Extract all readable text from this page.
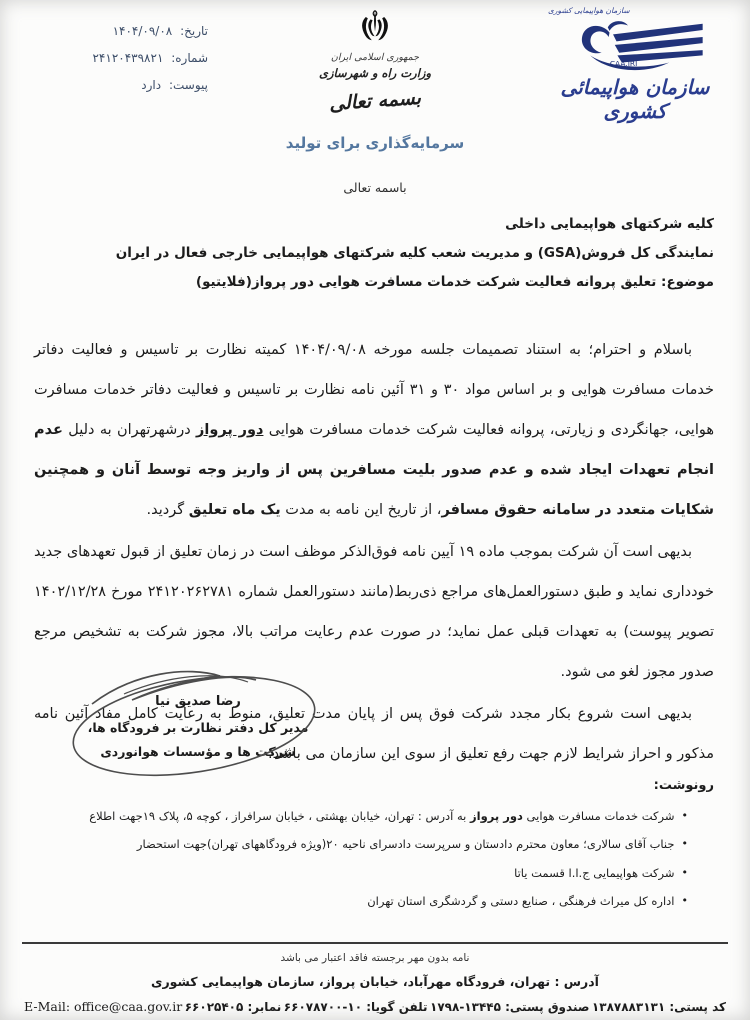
تاریخ: ۱۴۰۴/۰۹/۰۸
شماره: ۲۴۱۲۰۴۳۹۸۲۱
پیوست: دارد
جمهوری اسلامی ایران
وزارت راه و شهرسازی
بسمه تعالی
سازمان هواپیمایی کشوری
CAA.IRI
سازمان هواپیمائی کشوری
سرمایه‌گذاری برای تولید
باسمه تعالی
کلیه شرکتهای هواپیمایی داخلی
نمایندگی کل فروش(GSA) و مدیریت شعب کلیه شرکتهای هواپیمایی خارجی فعال در ایران
موضوع: تعلیق پروانه فعالیت شرکت خدمات مسافرت هوایی دور پرواز(فلایتیو)

باسلام و احترام؛ به استناد تصمیمات جلسه مورخه ۱۴۰۴/۰۹/۰۸ کمیته نظارت بر تاسیس و فعالیت دفاتر خدمات مسافرت هوایی و بر اساس مواد ۳۰ و ۳۱ آئین نامه نظارت بر تاسیس و فعالیت دفاتر خدمات مسافرت هوایی، جهانگردی و زیارتی، پروانه فعالیت شرکت خدمات مسافرت هوایی دور پرواز درشهرتهران به دلیل عدم انجام تعهدات ایجاد شده و عدم صدور بلیت مسافرین پس از واریز وجه توسط آنان و همچنین شکایات متعدد در سامانه حقوق مسافر، از تاریخ این نامه به مدت یک ماه تعلیق گردید.

بدیهی است آن شرکت بموجب ماده ۱۹ آیین نامه فوق‌الذکر موظف است در زمان تعلیق از قبول تعهدهای جدید خودداری نماید و طبق دستورالعمل‌های مراجع ذی‌ربط(مانند دستورالعمل شماره ۲۴۱۲۰۲۶۲۷۸۱ مورخ ۱۴۰۲/۱۲/۲۸ تصویر پیوست) به تعهدات قبلی عمل نماید؛ در صورت عدم رعایت مراتب بالا، مجوز شرکت به تشخیص مرجع صدور مجوز لغو می شود.

بدیهی است شروع بکار مجدد شرکت فوق پس از پایان مدت تعلیق، منوط به رعایت کامل مفاد آئین نامه مذکور و احراز شرایط لازم جهت رفع تعلیق از سوی این سازمان می باشد.

رضا صدیق نیا
مدیر کل دفتر نظارت بر فرودگاه ها،
شرکت ها و مؤسسات هوانوردی
رونوشت:
•
شرکت خدمات مسافرت هوایی دور پرواز به آدرس : تهران، خیابان بهشتی ، خیابان سرافراز ، کوچه ۵، پلاک ۱۹جهت اطلاع
•
جناب آقای سالاری؛ معاون محترم دادستان و سرپرست دادسرای ناحیه ۲۰(ویژه فرودگاههای تهران)جهت استحضار
•
شرکت هواپیمایی ج.ا.ا قسمت یاتا
•
اداره کل میراث فرهنگی ، صنایع دستی و گردشگری استان تهران
نامه بدون مهر برجسته فاقد اعتبار می باشد
آدرس : تهران، فرودگاه مهرآباد، خیابان پرواز، سازمان هواپیمایی کشوری
کد پستی: ۱۳۸۷۸۸۳۱۳۱
صندوق پستی: ۱۳۴۴۵-۱۷۹۸
تلفن گویا: ۱۰-۶۶۰۷۸۷۰۰
نمابر: ۶۶۰۲۵۴۰۵
E-Mail: office@caa.gov.ir
